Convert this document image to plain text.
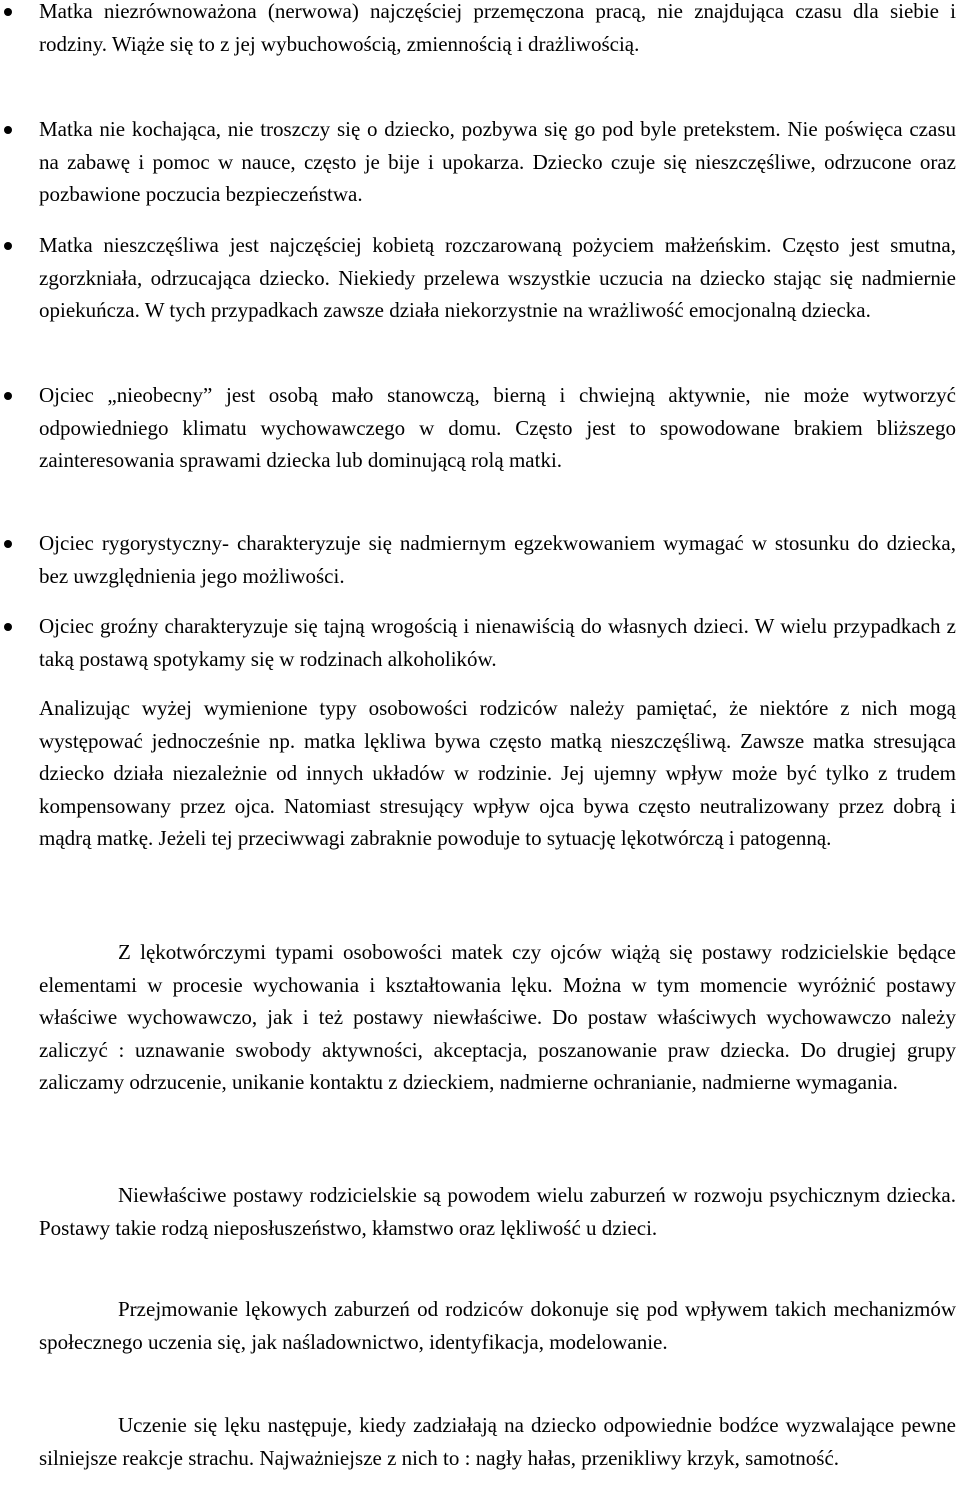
Matka niezrównoważona (nerwowa) najczęściej przemęczona pracą, nie znajdująca czasu dla siebie i rodziny. Wiąże się to z jej wybuchowością, zmiennością i drażliwością.
Matka nie kochająca, nie troszczy się o dziecko, pozbywa się go pod byle pretekstem. Nie poświęca czasu na zabawę i pomoc w nauce, często je bije i upokarza. Dziecko czuje się nieszczęśliwe, odrzucone oraz pozbawione poczucia bezpieczeństwa.
Matka nieszczęśliwa jest najczęściej kobietą rozczarowaną pożyciem małżeńskim. Często jest smutna, zgorzkniała, odrzucająca dziecko. Niekiedy przelewa wszystkie uczucia na dziecko stając się nadmiernie opiekuńcza. W tych przypadkach zawsze działa niekorzystnie na wrażliwość emocjonalną dziecka.
Ojciec „nieobecny” jest osobą mało stanowczą, bierną i chwiejną aktywnie, nie może wytworzyć odpowiedniego klimatu wychowawczego w domu. Często jest to spowodowane brakiem bliższego zainteresowania sprawami dziecka lub dominującą rolą matki.
Ojciec rygorystyczny- charakteryzuje się nadmiernym egzekwowaniem wymagać w stosunku do dziecka, bez uwzględnienia jego możliwości.
Ojciec groźny charakteryzuje się tajną wrogością i nienawiścią do własnych dzieci. W wielu przypadkach z taką postawą spotykamy się w rodzinach alkoholików.

Analizując wyżej wymienione typy osobowości rodziców należy pamiętać, że niektóre z nich mogą występować jednocześnie np. matka lękliwa bywa często matką nieszczęśliwą. Zawsze matka stresująca dziecko działa niezależnie od innych układów w rodzinie. Jej ujemny wpływ może być tylko z trudem kompensowany przez ojca. Natomiast stresujący wpływ ojca bywa często neutralizowany przez dobrą i mądrą matkę. Jeżeli tej przeciwwagi zabraknie powoduje to sytuację lękotwórczą i patogenną.

Z lękotwórczymi typami osobowości matek czy ojców wiążą się postawy rodzicielskie będące elementami w procesie wychowania i kształtowania lęku. Można w tym momencie wyróżnić postawy właściwe wychowawczo, jak i też postawy niewłaściwe. Do postaw właściwych wychowawczo należy zaliczyć : uznawanie swobody aktywności, akceptacja, poszanowanie praw dziecka. Do drugiej grupy zaliczamy odrzucenie, unikanie kontaktu z dzieckiem, nadmierne ochranianie, nadmierne wymagania.

Niewłaściwe postawy rodzicielskie są powodem wielu zaburzeń w rozwoju psychicznym dziecka. Postawy takie rodzą nieposłuszeństwo, kłamstwo oraz lękliwość u dzieci.

Przejmowanie lękowych zaburzeń od rodziców dokonuje się pod wpływem takich mechanizmów społecznego uczenia się, jak naśladownictwo, identyfikacja, modelowanie.

Uczenie się lęku następuje, kiedy zadziałają na dziecko odpowiednie bodźce wyzwalające pewne silniejsze reakcje strachu. Najważniejsze z nich to : nagły hałas, przenikliwy krzyk, samotność.
